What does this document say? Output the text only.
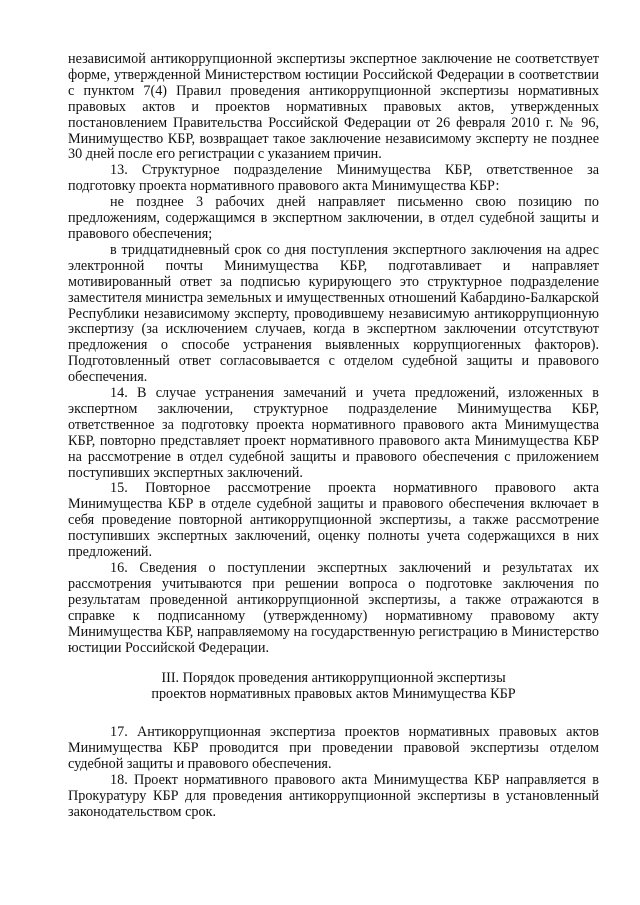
независимой антикоррупционной экспертизы экспертное заключение не соответствует форме, утвержденной Министерством юстиции Российской Федерации в соответствии с пунктом 7(4) Правил проведения антикоррупционной экспертизы нормативных правовых актов и проектов нормативных правовых актов, утвержденных постановлением Правительства Российской Федерации от 26 февраля 2010 г. № 96, Минимущество КБР, возвращает такое заключение независимому эксперту не позднее 30 дней после его регистрации с указанием причин.

13. Структурное подразделение Минимущества КБР, ответственное за подготовку проекта нормативного правового акта Минимущества КБР:

не позднее 3 рабочих дней направляет письменно свою позицию по предложениям, содержащимся в экспертном заключении, в отдел судебной защиты и правового обеспечения;

в тридцатидневный срок со дня поступления экспертного заключения на адрес электронной почты Минимущества КБР, подготавливает и направляет мотивированный ответ за подписью курирующего это структурное подразделение заместителя министра земельных и имущественных отношений Кабардино-Балкарской Республики независимому эксперту, проводившему независимую антикоррупционную экспертизу (за исключением случаев, когда в экспертном заключении отсутствуют предложения о способе устранения выявленных коррупциогенных факторов). Подготовленный ответ согласовывается с отделом судебной защиты и правового обеспечения.

14. В случае устранения замечаний и учета предложений, изложенных в экспертном заключении, структурное подразделение Минимущества КБР, ответственное за подготовку проекта нормативного правового акта Минимущества КБР, повторно представляет проект нормативного правового акта Минимущества КБР на рассмотрение в отдел судебной защиты и правового обеспечения с приложением поступивших экспертных заключений.

15. Повторное рассмотрение проекта нормативного правового акта Минимущества КБР в отделе судебной защиты и правового обеспечения включает в себя проведение повторной антикоррупционной экспертизы, а также рассмотрение поступивших экспертных заключений, оценку полноты учета содержащихся в них предложений.

16. Сведения о поступлении экспертных заключений и результатах их рассмотрения учитываются при решении вопроса о подготовке заключения по результатам проведенной антикоррупционной экспертизы, а также отражаются в справке к подписанному (утвержденному) нормативному правовому акту Минимущества КБР, направляемому на государственную регистрацию в Министерство юстиции Российской Федерации.

III. Порядок проведения антикоррупционной экспертизы
проектов нормативных правовых актов Минимущества КБР

17. Антикоррупционная экспертиза проектов нормативных правовых актов Минимущества КБР проводится при проведении правовой экспертизы отделом судебной защиты и правового обеспечения.

18. Проект нормативного правового акта Минимущества КБР направляется в Прокуратуру КБР для проведения антикоррупционной экспертизы в установленный законодательством срок.
